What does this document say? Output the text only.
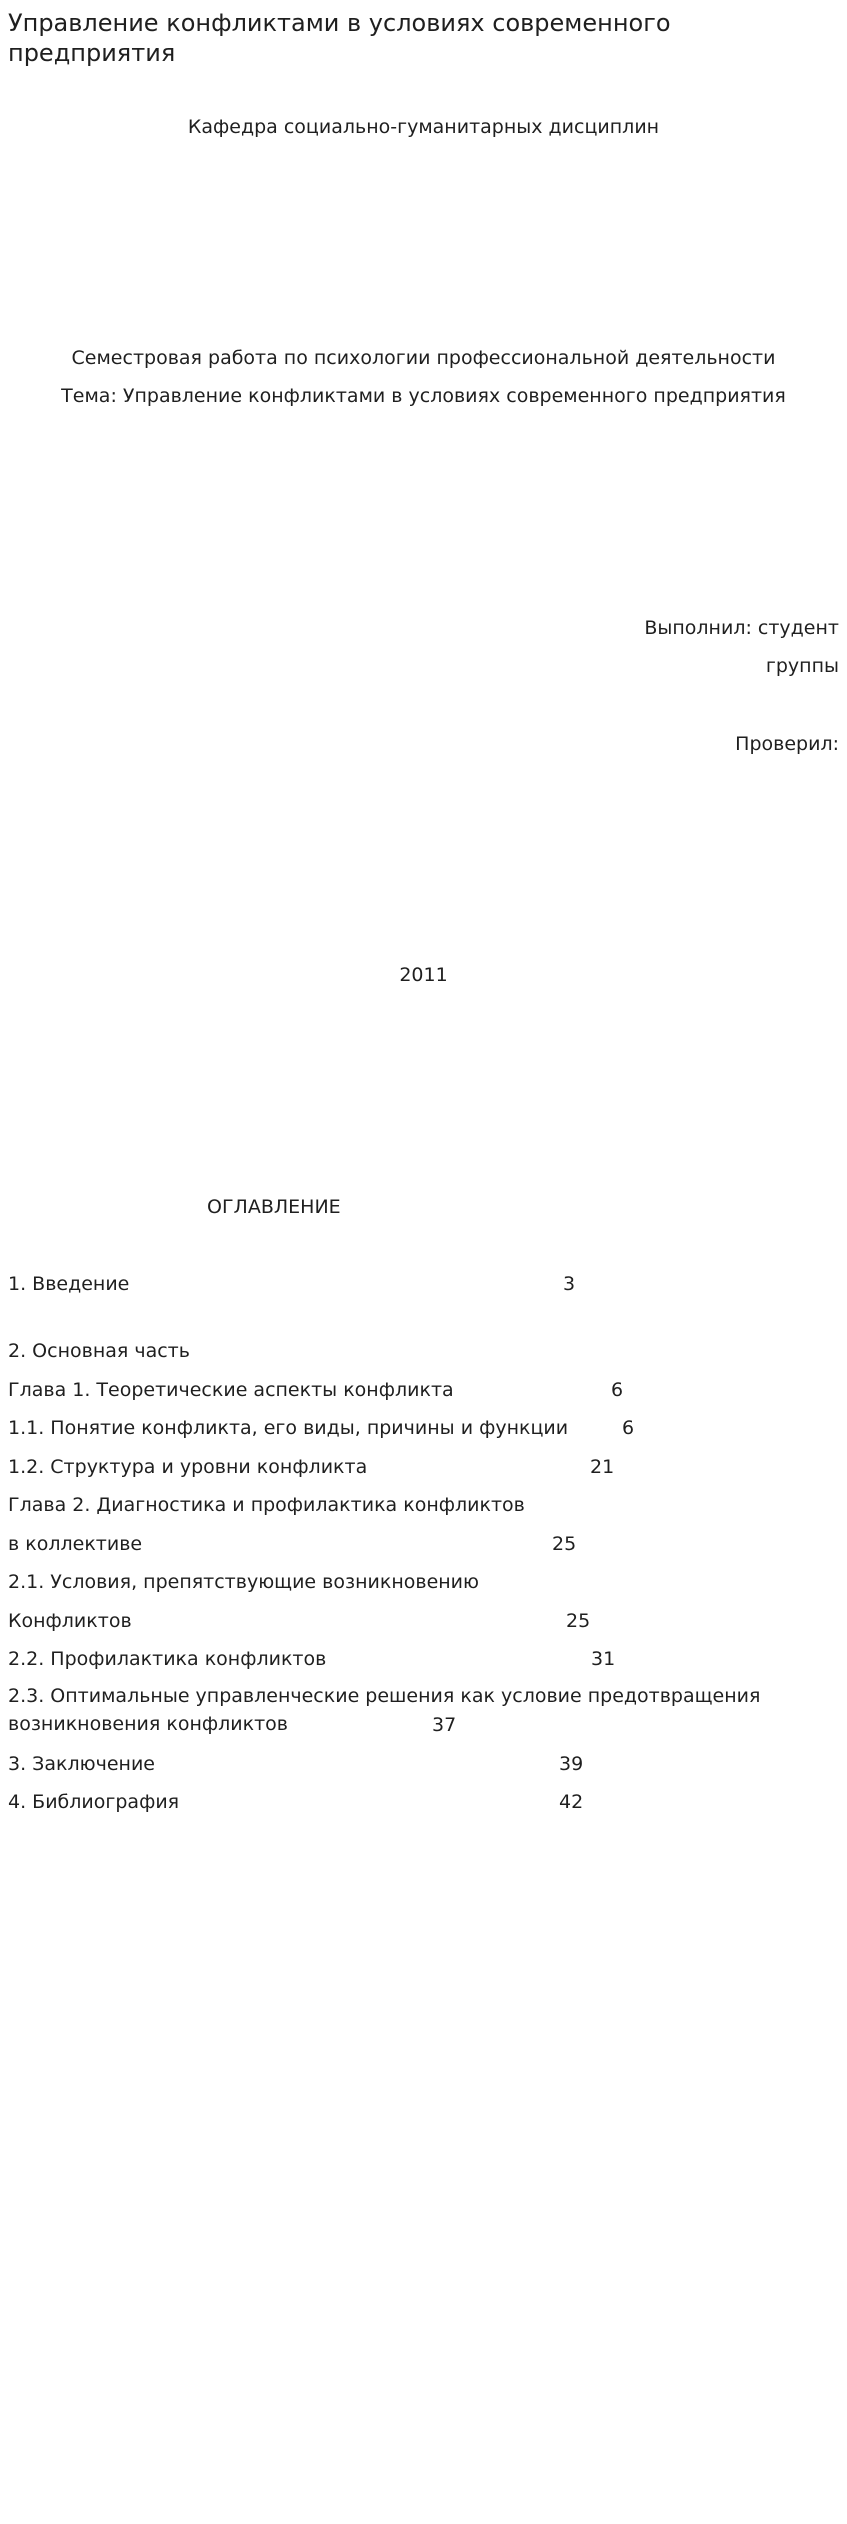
Управление конфликтами в условиях современного предприятия
Кафедра социально-гуманитарных дисциплин
Семестровая работа по психологии профессиональной деятельности
Тема: Управление конфликтами в условиях современного предприятия
Выполнил: студент
группы
Проверил:
2011
ОГЛАВЛЕНИЕ
1. Введение	3
2. Основная часть
Глава 1. Теоретические аспекты конфликта	6
1.1. Понятие конфликта, его виды, причины и функции	6
1.2. Структура и уровни конфликта	21
Глава 2. Диагностика и профилактика конфликтов
в коллективе	25
2.1. Условия, препятствующие возникновению
Конфликтов	25
2.2. Профилактика конфликтов	31
2.3. Оптимальные управленческие решения как условие предотвращения возникновения конфликтов	37
3. Заключение	39
4. Библиография	42
